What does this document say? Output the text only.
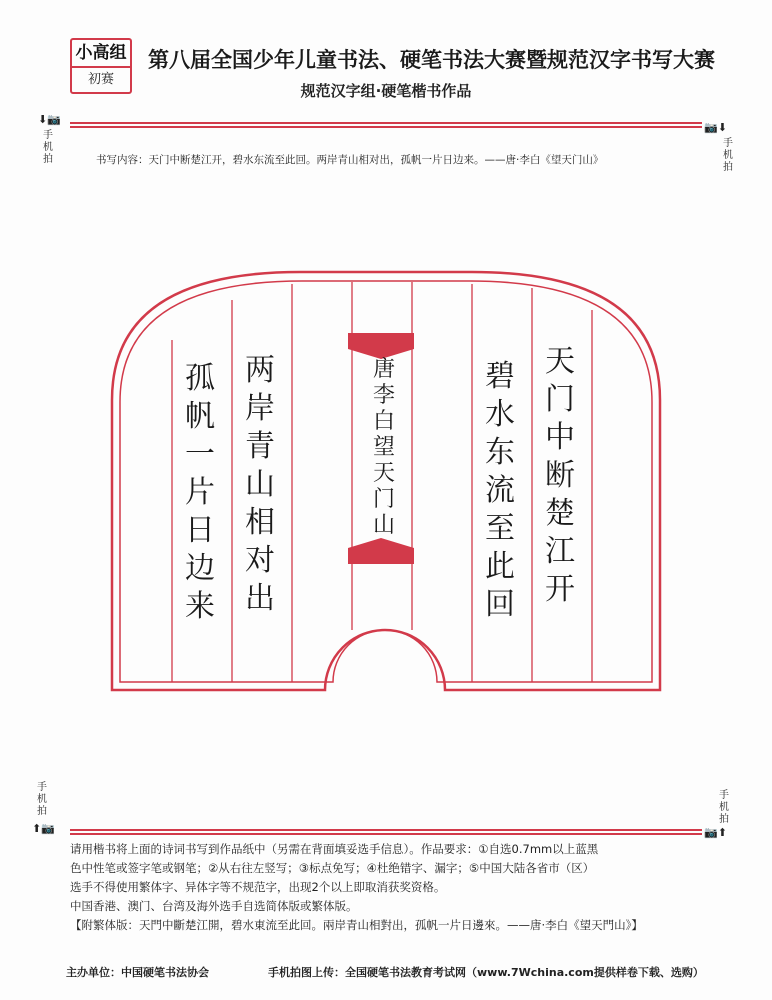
小高组
初赛
第八届全国少年儿童书法、硬笔书法大赛暨规范汉字书写大赛
规范汉字组·硬笔楷书作品
⬇📷
手机拍
📷⬇
手机拍
手机拍
⬆📷
手机拍
📷⬆
书写内容：天门中断楚江开，碧水东流至此回。两岸青山相对出，孤帆一片日边来。——唐·李白《望天门山》
天
门
中
断
楚
江
开
碧
水
东
流
至
此
回
两
岸
青
山
相
对
出
孤
帆
一
片
日
边
来
唐
李
白
望
天
门
山
请用楷书将上面的诗词书写到作品纸中（另需在背面填妥选手信息）。作品要求：①自选0.7mm以上蓝黑
色中性笔或签字笔或钢笔；②从右往左竖写；③标点免写；④杜绝错字、漏字；⑤中国大陆各省市（区）
选手不得使用繁体字、异体字等不规范字，出现2个以上即取消获奖资格。
中国香港、澳门、台湾及海外选手自选简体版或繁体版。
【附繁体版：天門中斷楚江開，碧水東流至此回。兩岸青山相對出，孤帆一片日邊來。——唐·李白《望天門山》】
主办单位：中国硬笔书法协会	手机拍图上传：全国硬笔书法教育考试网（www.7Wchina.com提供样卷下载、选购）
